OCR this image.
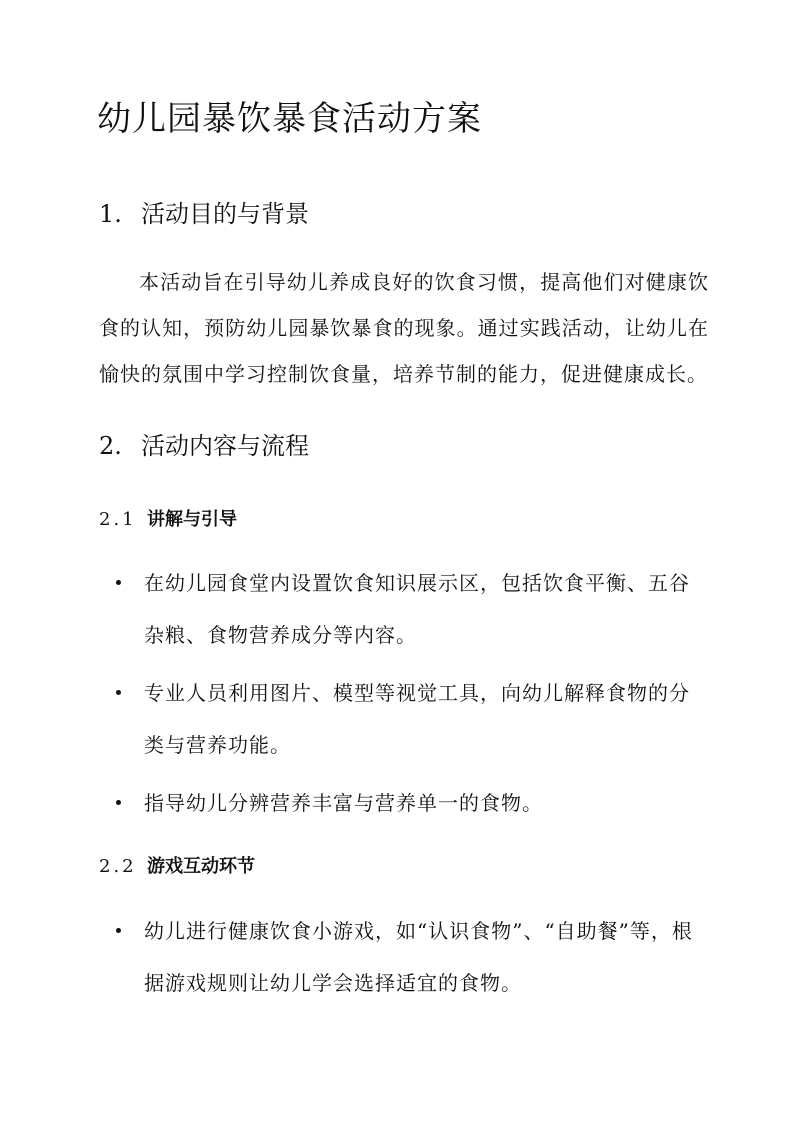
幼儿园暴饮暴食活动方案
1. 活动目的与背景

本活动旨在引导幼儿养成良好的饮食习惯，提高他们对健康饮食的认知，预防幼儿园暴饮暴食的现象。通过实践活动，让幼儿在愉快的氛围中学习控制饮食量，培养节制的能力，促进健康成长。

2. 活动内容与流程
2.1 讲解与引导
在幼儿园食堂内设置饮食知识展示区，包括饮食平衡、五谷杂粮、食物营养成分等内容。
专业人员利用图片、模型等视觉工具，向幼儿解释食物的分类与营养功能。
指导幼儿分辨营养丰富与营养单一的食物。
2.2 游戏互动环节
幼儿进行健康饮食小游戏，如“认识食物”、“自助餐”等，根据游戏规则让幼儿学会选择适宜的食物。
